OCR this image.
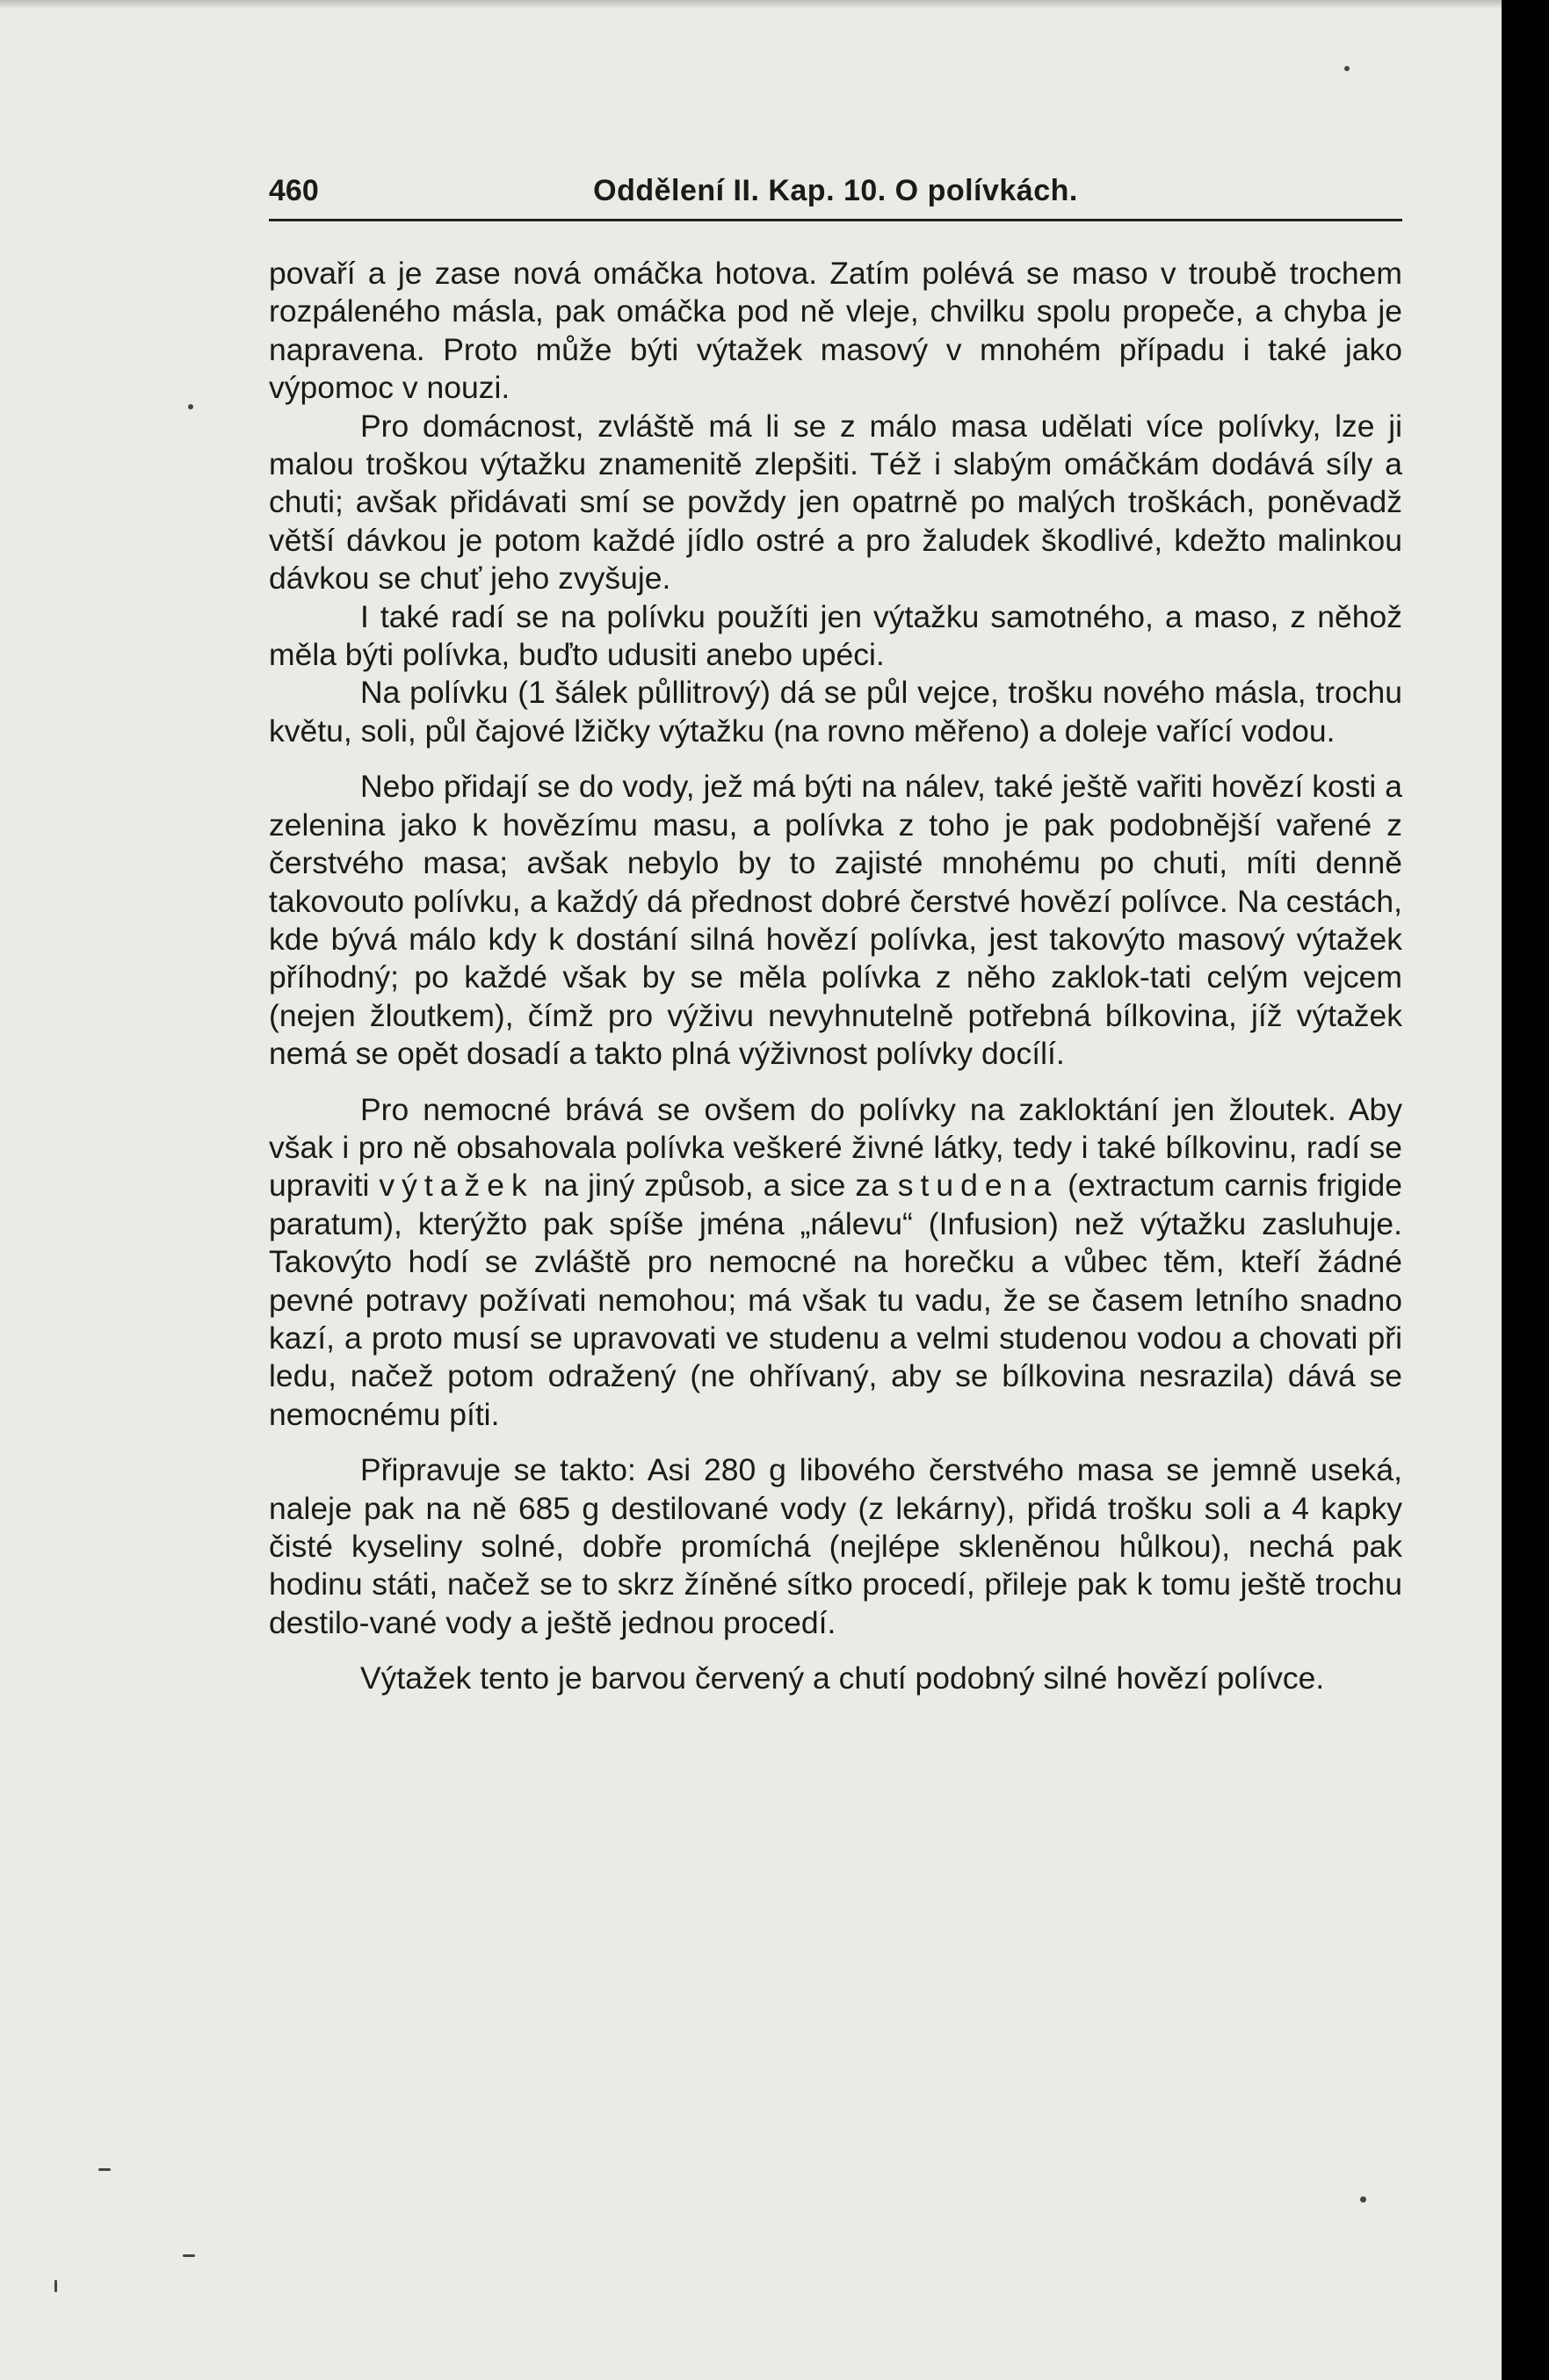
460	Oddělení II. Kap. 10. O polívkách.

povaří a je zase nová omáčka hotova. Zatím polévá se maso v troubě trochem rozpáleného másla, pak omáčka pod ně vleje, chvilku spolu propeče, a chyba je napravena. Proto může býti výtažek masový v mnohém případu i také jako výpomoc v nouzi.

Pro domácnost, zvláště má li se z málo masa udělati více polívky, lze ji malou troškou výtažku znamenitě zlepšiti. Též i slabým omáčkám dodává síly a chuti; avšak přidávati smí se povždy jen opatrně po malých troškách, poněvadž větší dávkou je potom každé jídlo ostré a pro žaludek škodlivé, kdežto malinkou dávkou se chuť jeho zvyšuje.

I také radí se na polívku použíti jen výtažku samotného, a maso, z něhož měla býti polívka, buďto udusiti anebo upéci.

Na polívku (1 šálek půllitrový) dá se půl vejce, trošku nového másla, trochu květu, soli, půl čajové lžičky výtažku (na rovno měřeno) a doleje vařící vodou.

Nebo přidají se do vody, jež má býti na nálev, také ještě vařiti hovězí kosti a zelenina jako k hovězímu masu, a polívka z toho je pak podobnější vařené z čerstvého masa; avšak nebylo by to zajisté mnohému po chuti, míti denně takovouto polívku, a každý dá přednost dobré čerstvé hovězí polívce. Na cestách, kde bývá málo kdy k dostání silná hovězí polívka, jest takovýto masový výtažek příhodný; po každé však by se měla polívka z něho zaklok-tati celým vejcem (nejen žloutkem), čímž pro výživu nevyhnutelně potřebná bílkovina, jíž výtažek nemá se opět dosadí a takto plná výživnost polívky docílí.

Pro nemocné brává se ovšem do polívky na zakloktání jen žloutek. Aby však i pro ně obsahovala polívka veškeré živné látky, tedy i také bílkovinu, radí se upraviti výtažek na jiný způsob, a sice za studena (extractum carnis frigide paratum), kterýžto pak spíše jména „nálevu“ (Infusion) než výtažku zasluhuje. Takovýto hodí se zvláště pro nemocné na horečku a vůbec těm, kteří žádné pevné potravy požívati nemohou; má však tu vadu, že se časem letního snadno kazí, a proto musí se upravovati ve studenu a velmi studenou vodou a chovati při ledu, načež potom odražený (ne ohřívaný, aby se bílkovina nesrazila) dává se nemocnému píti.

Připravuje se takto: Asi 280 g libového čerstvého masa se jemně useká, naleje pak na ně 685 g destilované vody (z lekárny), přidá trošku soli a 4 kapky čisté kyseliny solné, dobře promíchá (nejlépe skleněnou hůlkou), nechá pak hodinu státi, načež se to skrz žíněné sítko procedí, přileje pak k tomu ještě trochu destilo-vané vody a ještě jednou procedí.

Výtažek tento je barvou červený a chutí podobný silné hovězí polívce.
